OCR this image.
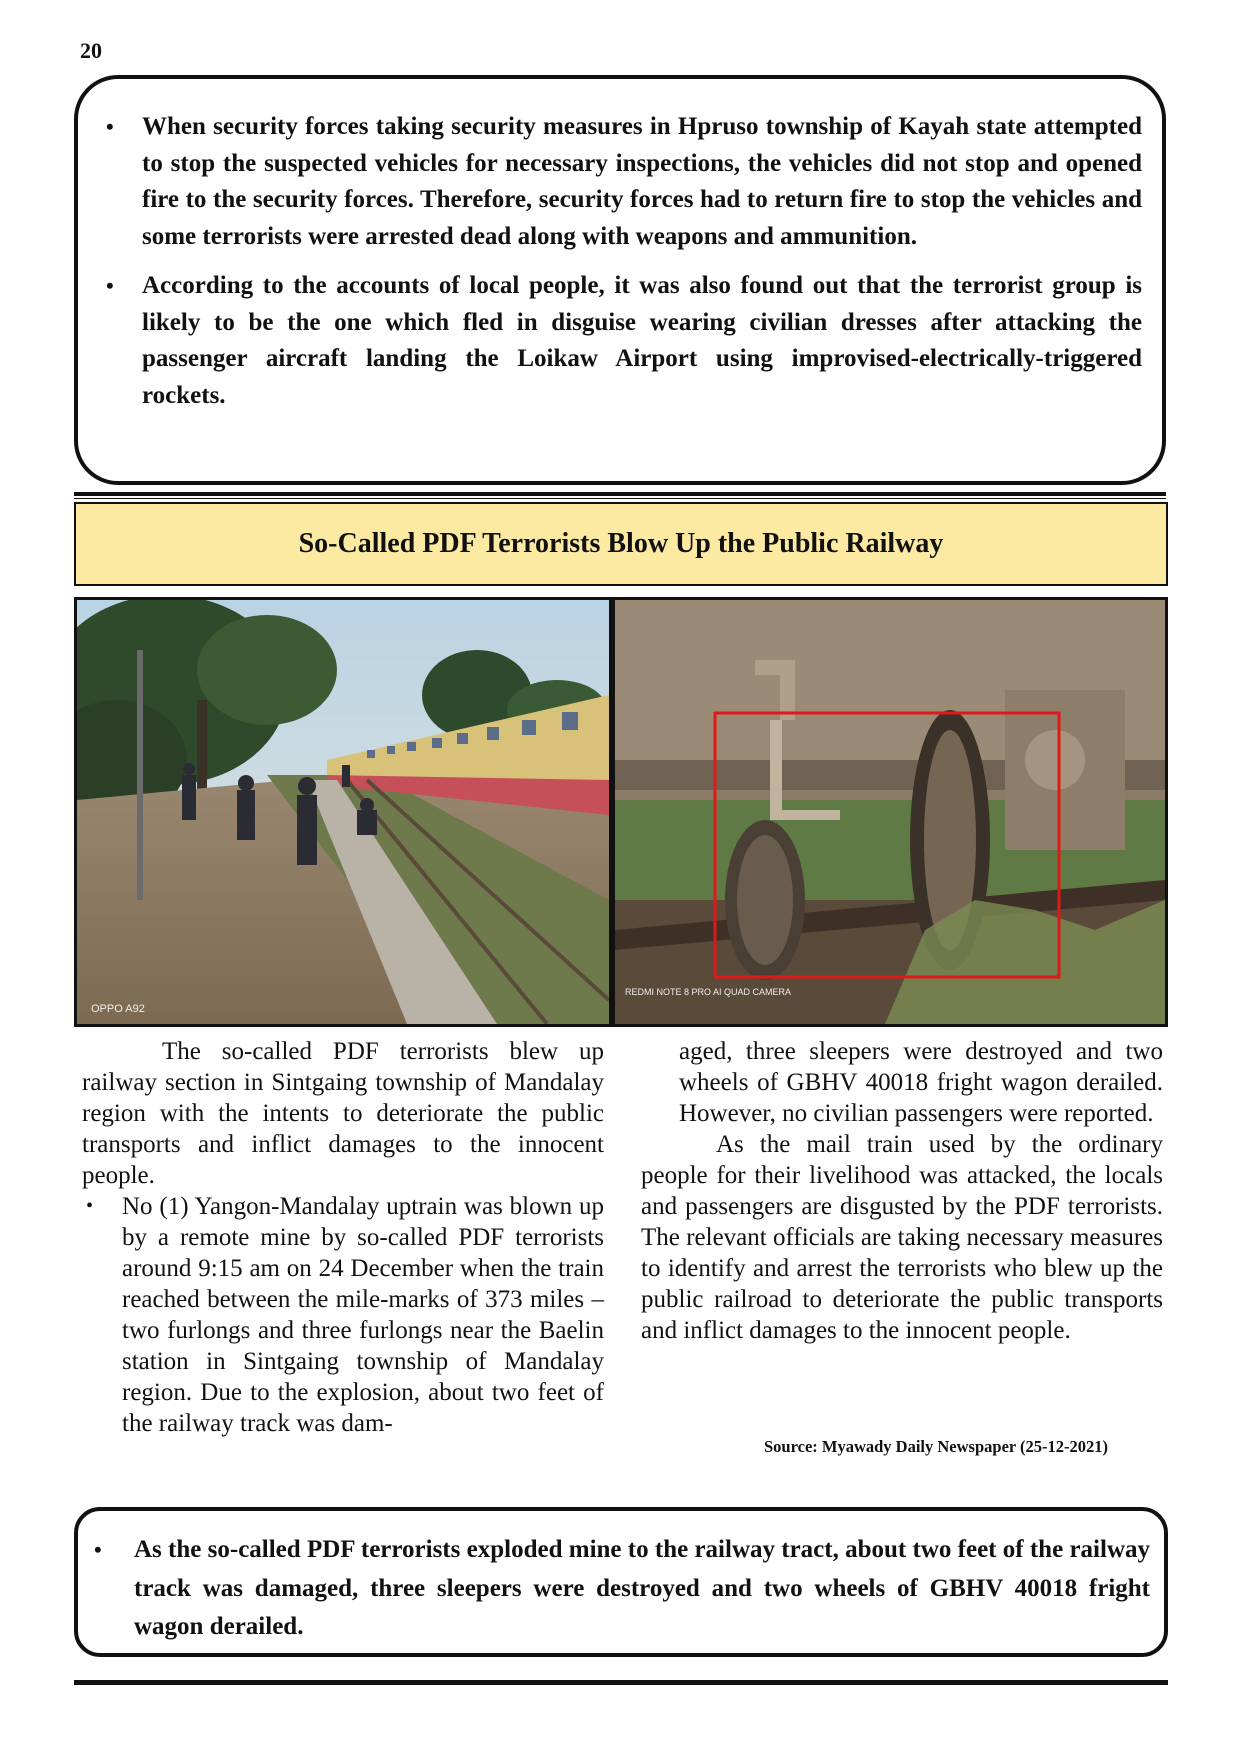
20
• When security forces taking security measures in Hpruso township of Kayah state attempted to stop the suspected vehicles for necessary inspections, the vehicles did not stop and opened fire to the security forces. Therefore, security forces had to return fire to stop the vehicles and some terrorists were arrested dead along with weapons and ammunition.
• According to the accounts of local people, it was also found out that the terrorist group is likely to be the one which fled in disguise wearing civilian dresses after attacking the passenger aircraft landing the Loikaw Airport using improvised-electrically-triggered rockets.
So-Called PDF Terrorists Blow Up the Public Railway
OPPO A92
REDMI NOTE 8 PRO AI QUAD CAMERA

The so-called PDF terrorists blew up railway section in Sintgaing township of Mandalay region with the intents to deteriorate the public transports and inflict damages to the innocent people.

• No (1) Yangon-Mandalay uptrain was blown up by a remote mine by so-called PDF terrorists around 9:15 am on 24 December when the train reached between the mile-marks of 373 miles – two furlongs and three furlongs near the Baelin station in Sintgaing township of Mandalay region. Due to the explosion, about two feet of the railway track was dam-

aged, three sleepers were destroyed and two wheels of GBHV 40018 fright wagon derailed. However, no civilian passengers were reported.

As the mail train used by the ordinary people for their livelihood was attacked, the locals and passengers are disgusted by the PDF terrorists. The relevant officials are taking necessary measures to identify and arrest the terrorists who blew up the public railroad to deteriorate the public transports and inflict damages to the innocent people.

Source: Myawady Daily Newspaper (25-12-2021)
• As the so-called PDF terrorists exploded mine to the railway tract, about two feet of the railway track was damaged, three sleepers were destroyed and two wheels of GBHV 40018 fright wagon derailed.
